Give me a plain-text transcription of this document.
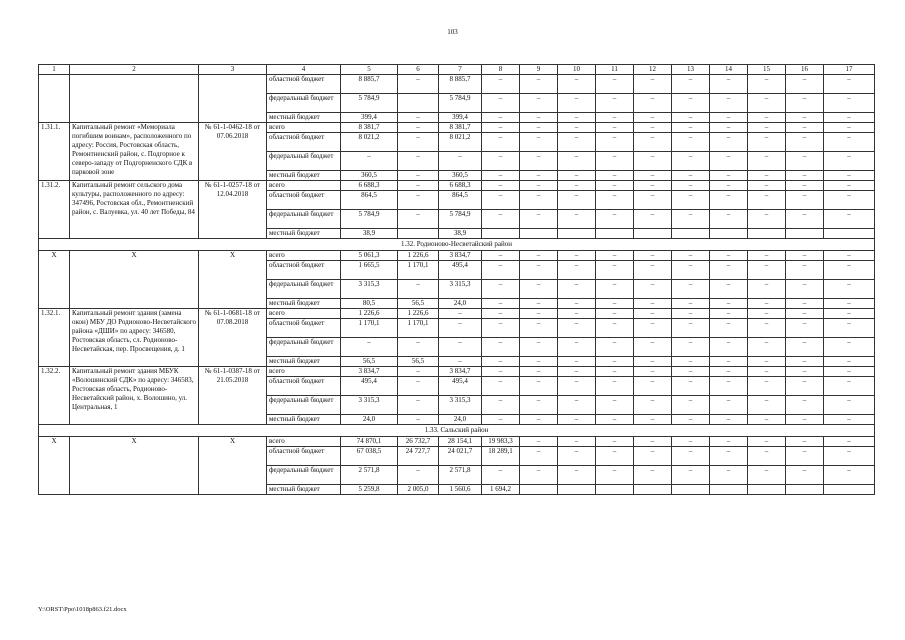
103
1	2	3	4	5	6	7	8	9	10	11	12	13	14	15	16	17
			областной бюджет	8 885,7	–	8 885,7	–	–	–	–	–	–	–	–	–	–
			федеральный бюджет	5 784,9		5 784,9	–	–	–	–	–	–	–	–	–	–
			местный бюджет	399,4	–	399,4	–	–	–	–	–	–	–	–	–	–
1.31.1.	Капитальный ремонт «Мемориала погибшим воинам», расположенного по адресу: Россия, Ростовская область, Ремонтненский район, с. Подгорное к северо-западу от Подгорненского СДК в парковой зоне	№ 61-1-0462-18 от 07.06.2018	всего	8 381,7	–	8 381,7	–	–	–	–	–	–	–	–	–	–
			областной бюджет	8 021,2	–	8 021,2	–	–	–	–	–	–	–	–	–	–
			федеральный бюджет	–	–	–	–	–	–	–	–	–	–	–	–	–
			местный бюджет	360,5	–	360,5	–	–	–	–	–	–	–	–	–	–
1.31.2.	Капитальный ремонт сельского дома культуры, расположенного по адресу: 347496, Ростовская обл., Ремонтненский район, с. Валуевка, ул. 40 лет Победы, 84	№ 61-1-0257-18 от 12.04.2018	всего	6 688,3	–	6 688,3	–	–	–	–	–	–	–	–	–	–
			областной бюджет	864,5	–	864,5	–	–	–	–	–	–	–	–	–	–
			федеральный бюджет	5 784,9	–	5 784,9	–	–	–	–	–	–	–	–	–	–
			местный бюджет	38,9		38,9										
1.32. Родионово-Несветайский район																
Х	Х	Х	всего	5 061,3	1 226,6	3 834,7	–	–	–	–	–	–	–	–	–	–
			областной бюджет	1 665,5	1 170,1	495,4	–	–	–	–	–	–	–	–	–	–
			федеральный бюджет	3 315,3	–	3 315,3	–	–	–	–	–	–	–	–	–	–
			местный бюджет	80,5	56,5	24,0	–	–	–	–	–	–	–	–	–	–
1.32.1.	Капитальный ремонт здания (замена окон) МБУ ДО Родионово-Несветайского района «ДШИ» по адресу: 346580, Ростовская область, сл. Родионово-Несветайская, пер. Просвещения, д. 1	№ 61-1-0681-18 от 07.08.2018	всего	1 226,6	1 226,6	–	–	–	–	–	–	–	–	–	–	–
			областной бюджет	1 170,1	1 170,1	–	–	–	–	–	–	–	–	–	–	–
			федеральный бюджет	–	–	–	–	–	–	–	–	–	–	–	–	–
			местный бюджет	56,5	56,5	–	–	–	–	–	–	–	–	–	–	–
1.32.2.	Капитальный ремонт здания МБУК «Волошинский СДК» по адресу: 346583, Ростовская область, Родионово-Несветайский район, х. Волошино, ул. Центральная, 1	№ 61-1-0387-18 от 21.05.2018	всего	3 834,7	–	3 834,7	–	–	–	–	–	–	–	–	–	–
			областной бюджет	495,4	–	495,4	–	–	–	–	–	–	–	–	–	–
			федеральный бюджет	3 315,3	–	3 315,3	–	–	–	–	–	–	–	–	–	–
			местный бюджет	24,0	–	24,0	–	–	–	–	–	–	–	–	–	–
1.33. Сальский район																
Х	Х	Х	всего	74 870,1	26 732,7	28 154,1	19 983,3	–	–	–	–	–	–	–	–	–
			областной бюджет	67 038,5	24 727,7	24 021,7	18 289,1	–	–	–	–	–	–	–	–	–
			федеральный бюджет	2 571,8	–	2 571,8	–	–	–	–	–	–	–	–	–	–
			местный бюджет	5 259,8	2 005,0	1 560,6	1 694,2									
Y:\ORST\Ppo\1018p863.f21.docx
